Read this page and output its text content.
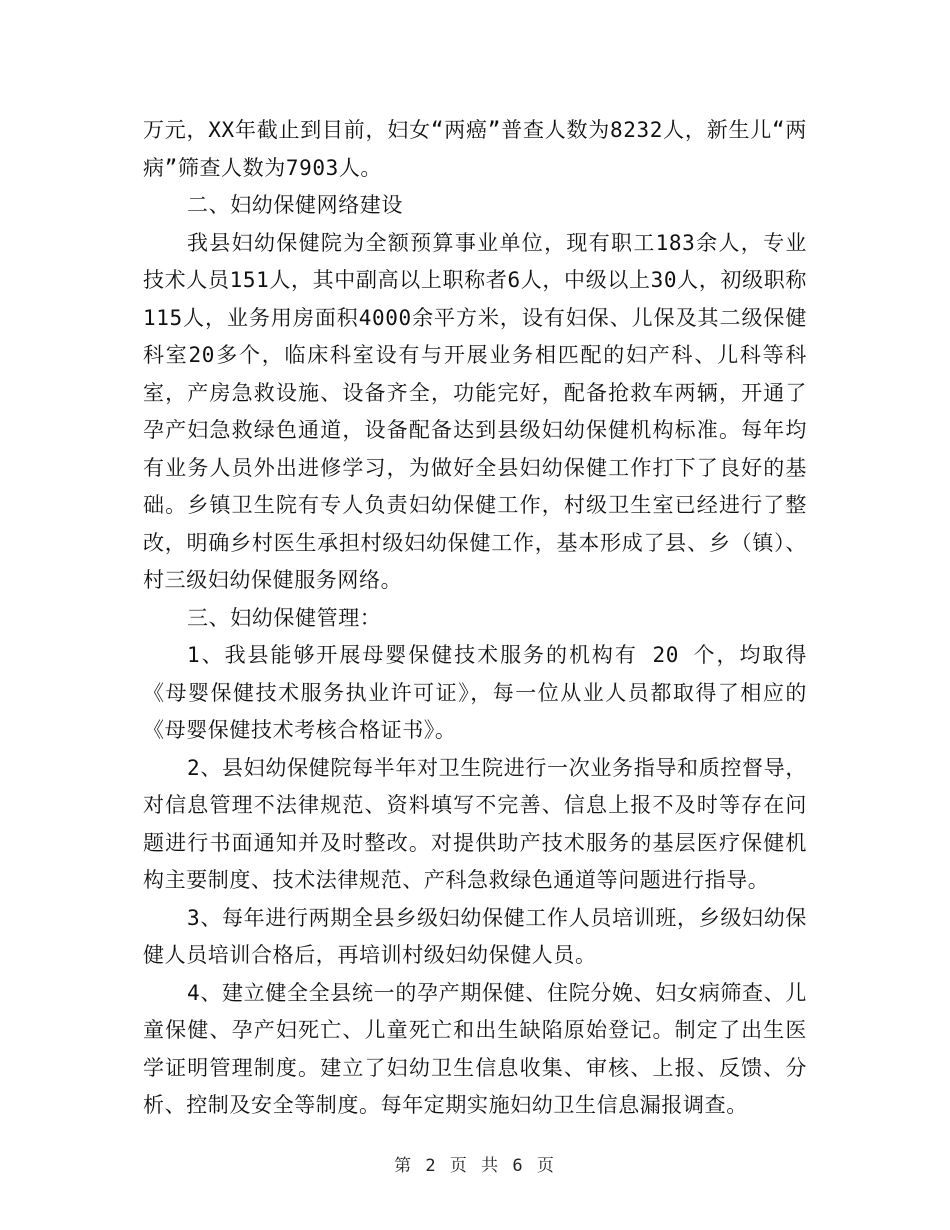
万元，XX年截止到目前，妇女“两癌”普查人数为8232人，新生儿“两病”筛查人数为7903人。

二、妇幼保健网络建设

我县妇幼保健院为全额预算事业单位，现有职工183余人，专业技术人员151人，其中副高以上职称者6人，中级以上30人，初级职称115人，业务用房面积4000余平方米，设有妇保、儿保及其二级保健科室20多个，临床科室设有与开展业务相匹配的妇产科、儿科等科室，产房急救设施、设备齐全，功能完好，配备抢救车两辆，开通了孕产妇急救绿色通道，设备配备达到县级妇幼保健机构标准。每年均有业务人员外出进修学习，为做好全县妇幼保健工作打下了良好的基础。乡镇卫生院有专人负责妇幼保健工作，村级卫生室已经进行了整改，明确乡村医生承担村级妇幼保健工作，基本形成了县、乡（镇）、村三级妇幼保健服务网络。

三、妇幼保健管理：

1、我县能够开展母婴保健技术服务的机构有 20 个，均取得《母婴保健技术服务执业许可证》，每一位从业人员都取得了相应的《母婴保健技术考核合格证书》。

2、县妇幼保健院每半年对卫生院进行一次业务指导和质控督导，对信息管理不法律规范、资料填写不完善、信息上报不及时等存在问题进行书面通知并及时整改。对提供助产技术服务的基层医疗保健机构主要制度、技术法律规范、产科急救绿色通道等问题进行指导。

3、每年进行两期全县乡级妇幼保健工作人员培训班，乡级妇幼保健人员培训合格后，再培训村级妇幼保健人员。

4、建立健全全县统一的孕产期保健、住院分娩、妇女病筛查、儿童保健、孕产妇死亡、儿童死亡和出生缺陷原始登记。制定了出生医学证明管理制度。建立了妇幼卫生信息收集、审核、上报、反馈、分析、控制及安全等制度。每年定期实施妇幼卫生信息漏报调查。

第 2 页 共 6 页
